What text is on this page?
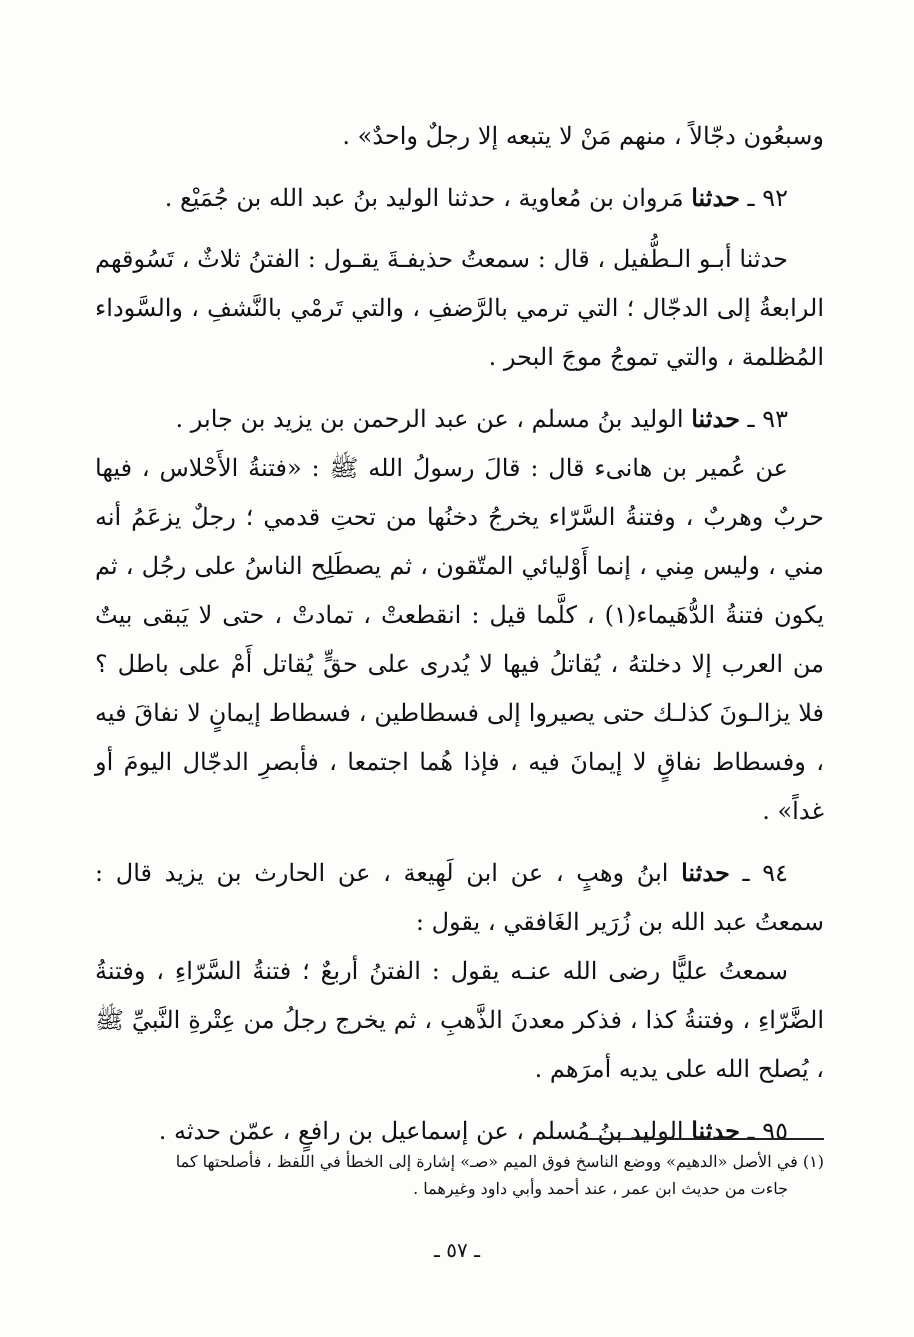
وسبعُون دجّالاً ، منهم مَنْ لا يتبعه إلا رجلٌ واحدٌ» .

٩٢ ـ حدثنا مَروان بن مُعاوية ، حدثنا الوليد بنُ عبد الله بن جُمَيْع .

حدثنا أبـو الـطُّفيل ، قال : سمعتُ حذيفـةَ يقـول : الفتنُ ثلاثٌ ، تَسُوقهم الرابعةُ إلى الدجّال ؛ التي ترمي بالرَّضفِ ، والتي تَرمْي بالنَّشفِ ، والسَّوداء المُظلمة ، والتي تموجُ موجَ البحر .

٩٣ ـ حدثنا الوليد بنُ مسلم ، عن عبد الرحمن بن يزيد بن جابر .

عن عُمير بن هانىء قال : قالَ رسولُ الله ﷺ : «فتنةُ الأَحْلاس ، فيها حربٌ وهربٌ ، وفتنةُ السَّرّاء يخرجُ دخنُها من تحتِ قدمي ؛ رجلٌ يزعَمُ أنه مني ، وليس مِني ، إنما أَوْليائي المتّقون ، ثم يصطَلِح الناسُ على رجُل ، ثم يكون فتنةُ الدُّهَيماء(١) ، كلَّما قيل : انقطعتْ ، تمادتْ ، حتى لا يَبقى بيتٌ من العرب إلا دخلتهُ ، يُقاتلُ فيها لا يُدرى على حقٍّ يُقاتل أَمْ على باطل ؟ فلا يزالـونَ كذلـك حتى يصيروا إلى فسطاطين ، فسطاط إيمانٍ لا نفاقَ فيه ، وفسطاط نفاقٍ لا إيمانَ فيه ، فإذا هُما اجتمعا ، فأبصرِ الدجّال اليومَ أو غداً» .

٩٤ ـ حدثنا ابنُ وهبٍ ، عن ابن لَهِيعة ، عن الحارث بن يزيد قال : سمعتُ عبد الله بن زُرَير الغَافقي ، يقول :

سمعتُ عليًّا رضى الله عنـه يقول : الفتنُ أربعٌ ؛ فتنةُ السَّرّاءِ ، وفتنةُ الضَّرّاءِ ، وفتنةُ كذا ، فذكر معدنَ الذَّهبِ ، ثم يخرج رجلُ من عِتْرةِ النَّبيِّ ﷺ ، يُصلح الله على يديه أمرَهم .

٩٥ ـ حدثنا الوليد بنُ مُسلم ، عن إسماعيل بن رافعٍ ، عمّن حدثه .

(١) في الأصل «الدهيم» ووضع الناسخ فوق الميم «صـ» إشارة إلى الخطأ في اللفظ ، فأصلحتها كما

جاءت من حديث ابن عمر ، عند أحمد وأبي داود وغيرهما .

ـ ٥٧ ـ
